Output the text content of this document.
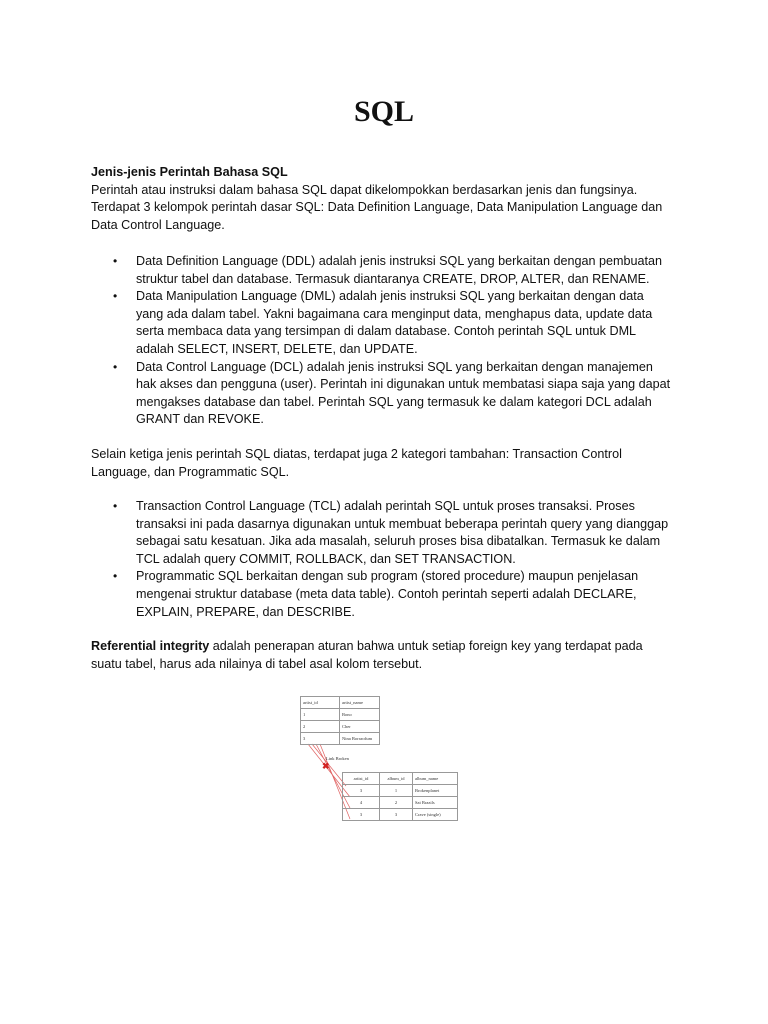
SQL

Jenis-jenis Perintah Bahasa SQL

Perintah atau instruksi dalam bahasa SQL dapat dikelompokkan berdasarkan jenis dan fungsinya. Terdapat 3 kelompok perintah dasar SQL: Data Definition Language, Data Manipulation Language dan Data Control Language.

• Data Definition Language (DDL) adalah jenis instruksi SQL yang berkaitan dengan pembuatan struktur tabel dan database. Termasuk diantaranya CREATE, DROP, ALTER, dan RENAME.
• Data Manipulation Language (DML) adalah jenis instruksi SQL yang berkaitan dengan data yang ada dalam tabel. Yakni bagaimana cara menginput data, menghapus data, update data serta membaca data yang tersimpan di dalam database. Contoh perintah SQL untuk DML adalah SELECT, INSERT, DELETE, dan UPDATE.
• Data Control Language (DCL) adalah jenis instruksi SQL yang berkaitan dengan manajemen hak akses dan pengguna (user). Perintah ini digunakan untuk membatasi siapa saja yang dapat mengakses database dan tabel. Perintah SQL yang termasuk ke dalam kategori DCL adalah GRANT dan REVOKE.

Selain ketiga jenis perintah SQL diatas, terdapat juga 2 kategori tambahan: Transaction Control Language, dan Programmatic SQL.

• Transaction Control Language (TCL) adalah perintah SQL untuk proses transaksi. Proses transaksi ini pada dasarnya digunakan untuk membuat beberapa perintah query yang dianggap sebagai satu kesatuan. Jika ada masalah, seluruh proses bisa dibatalkan. Termasuk ke dalam TCL adalah query COMMIT, ROLLBACK, dan SET TRANSACTION.
• Programmatic SQL berkaitan dengan sub program (stored procedure) maupun penjelasan mengenai struktur database (meta data table). Contoh perintah seperti adalah DECLARE, EXPLAIN, PREPARE, dan DESCRIBE.

Referential integrity adalah penerapan aturan bahwa untuk setiap foreign key yang terdapat pada suatu tabel, harus ada nilainya di tabel asal kolom tersebut.

artist_id	artist_name
1	Bono
2	Cher
3	Nina Borracdum
✖
Link Broken
artist_id	album_id	album_name
3	1	Brokenplanet
4	2	Sai Brazils
3	3	Crave (single)
